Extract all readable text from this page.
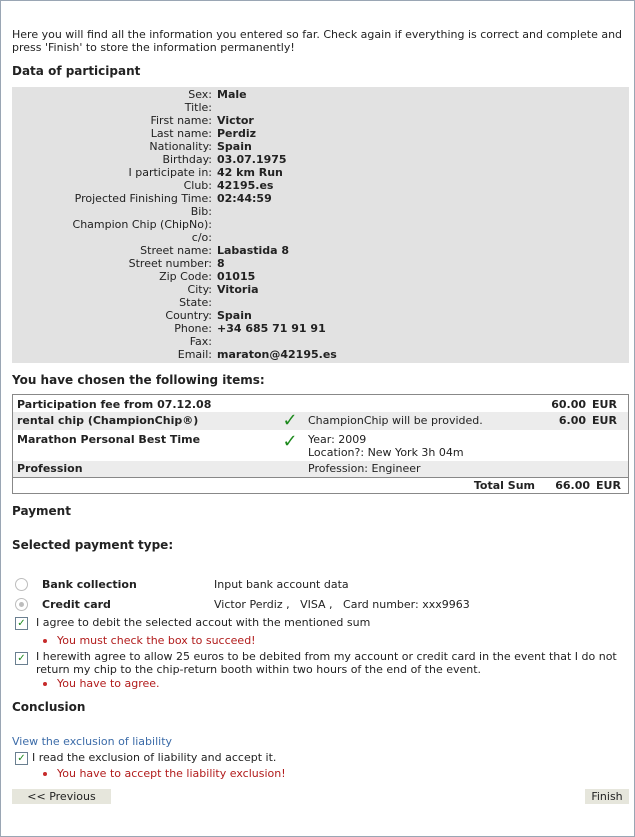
Here you will find all the information you entered so far. Check again if everything is correct and complete and press 'Finish' to store the information permanently!

Data of participant
Sex: Male
Title:
First name: Victor
Last name: Perdiz
Nationality: Spain
Birthday: 03.07.1975
I participate in: 42 km Run
Club: 42195.es
Projected Finishing Time: 02:44:59
Bib:
Champion Chip (ChipNo):
c/o:
Street name: Labastida 8
Street number: 8
Zip Code: 01015
City: Vitoria
State:
Country: Spain
Phone: +34 685 71 91 91
Fax:
Email: maraton@42195.es
You have chosen the following items:
Participation fee from 07.12.08	60.00 EUR
rental chip (ChampionChip®)	✓ ChampionChip will be provided.	6.00 EUR
Marathon Personal Best Time	✓ Year: 2009
Location?: New York 3h 04m
Profession	Profession: Engineer
Total Sum	66.00 EUR
Payment
Selected payment type:
Bank collection	Input bank account data
Credit card	Victor Perdiz ,   VISA ,   Card number: xxx9963
✓ I agree to debit the selected accout with the mentioned sum
You must check the box to succeed!
✓ I herewith agree to allow 25 euros to be debited from my account or credit card in the event that I do not return my chip to the chip-return booth within two hours of the end of the event.
You have to agree.
Conclusion
View the exclusion of liability
✓ I read the exclusion of liability and accept it.
You have to accept the liability exclusion!
<< Previous	Finish
